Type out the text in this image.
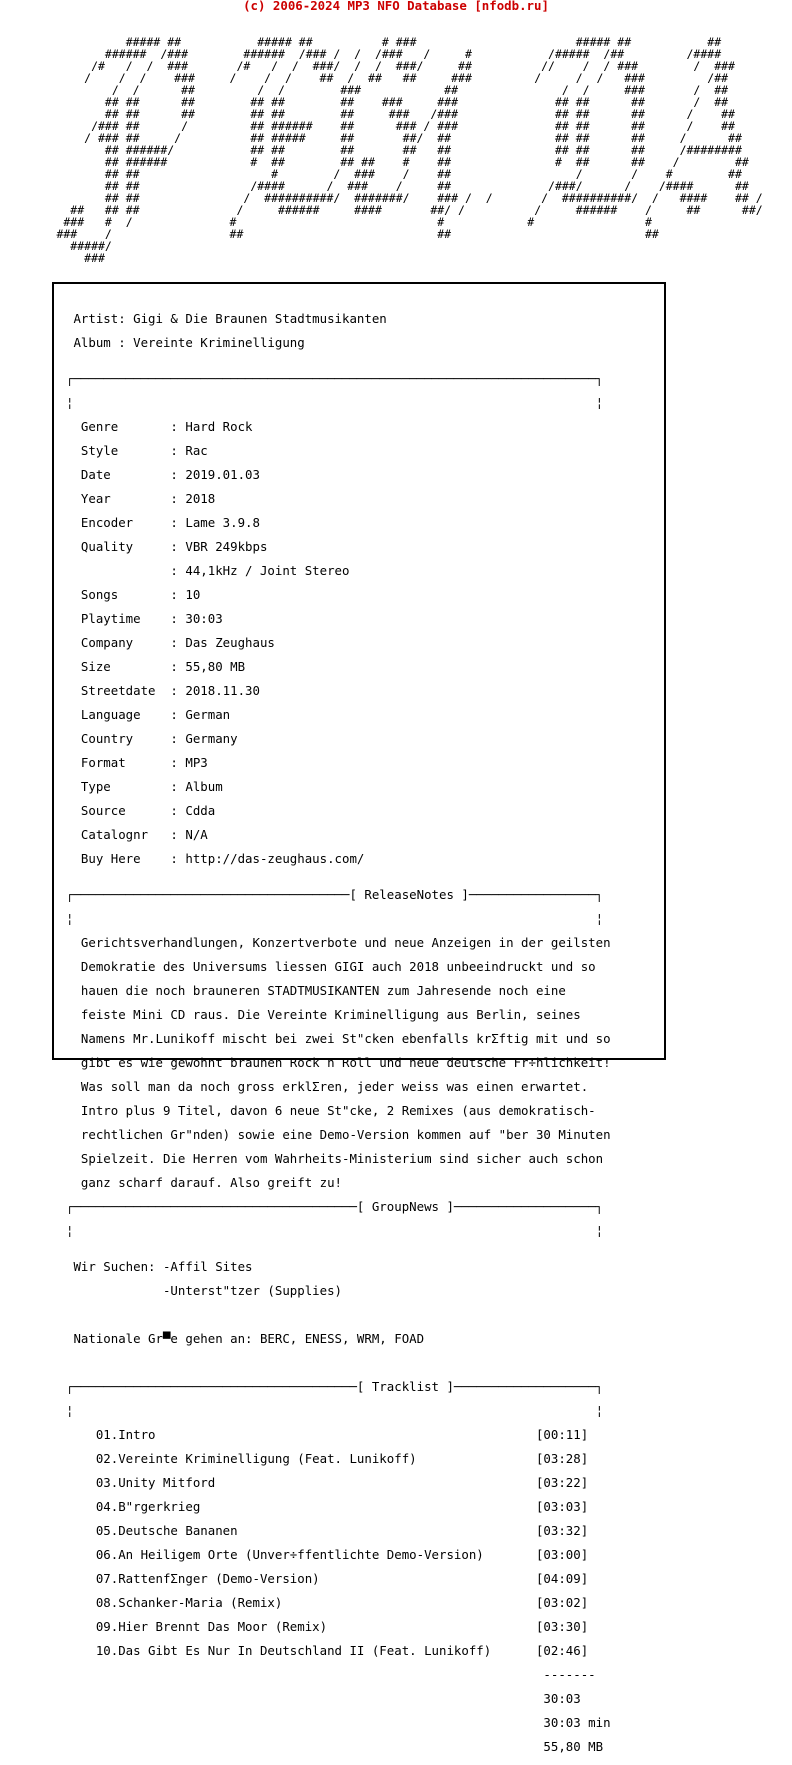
(c) 2006-2024 MP3 NFO Database [nfodb.ru]
##### ##           ##### ##          # ###                       ##### ##           ##
######  /###        ######  /### /  /  /###   /     #           /#####  /##         /####
/#   /  /  ###       /#   /  /  ###/  /  /  ###/     ##          //    /  / ###        /  ###
/    /  /    ###     /    /  /    ##  /  ##   ##     ###         /     /  /   ###         /##
/  /      ##         /  /        ###            ##               /  /     ###       /  ##
## ##      ##        ## ##        ##    ###     ###              ## ##      ##       /  ##
## ##      ##        ## ##        ##     ###   /###              ## ##      ##      /    ##
/### ##      /         ## ######    ##      ### / ###              ## ##      ##      /    ##
/ ### ##     /          ## #####     ##       ##/  ##               ## ##      ##     /      ##
## ######/           ## ##        ##       ##   ##               ## ##      ##     /########
## ######            #  ##        ## ##    #    ##               #  ##      ##    /        ##
## ##                   #        /  ###    /    ##                  /       /    #        ##
## ##                /####      /  ###    /     ##              /###/      /    /####      ##
## ##               /  ##########/  #######/    ### /  /       /  ##########/  /   ####    ## /
##   ## ##              /     ######     ####       ##/ /          /     ######    /     ##      ##/
###   #  /              #                             #            #                #
###    /                 ##                            ##                            ##
#####/
###

Artist: Gigi & Die Braunen Stadtmusikanten

Album : Vereinte Kriminelligung

┌──────────────────────────────────────────────────────────────────────┐

¦                                                                      ¦

Genre       : Hard Rock

Style       : Rac

Date        : 2019.01.03

Year        : 2018

Encoder     : Lame 3.9.8

Quality     : VBR 249kbps

: 44,1kHz / Joint Stereo

Songs       : 10

Playtime    : 30:03

Company     : Das Zeughaus

Size        : 55,80 MB

Streetdate  : 2018.11.30

Language    : German

Country     : Germany

Format      : MP3

Type        : Album

Source      : Cdda

Catalognr   : N/A

Buy Here    : http://das-zeughaus.com/

┌─────────────────────────────────────[ ReleaseNotes ]─────────────────┐

¦                                                                      ¦

Gerichtsverhandlungen, Konzertverbote und neue Anzeigen in der geilsten

Demokratie des Universums liessen GIGI auch 2018 unbeeindruckt und so

hauen die noch brauneren STADTMUSIKANTEN zum Jahresende noch eine

feiste Mini CD raus. Die Vereinte Kriminelligung aus Berlin, seines

Namens Mr.Lunikoff mischt bei zwei St"cken ebenfalls krΣftig mit und so

gibt es wie gewohnt braunen Rock n Roll und neue deutsche Fr÷hlichkeit!

Was soll man da noch gross erklΣren, jeder weiss was einen erwartet.

Intro plus 9 Titel, davon 6 neue St"cke, 2 Remixes (aus demokratisch-

rechtlichen Gr"nden) sowie eine Demo-Version kommen auf "ber 30 Minuten

Spielzeit. Die Herren vom Wahrheits-Ministerium sind sicher auch schon

ganz scharf darauf. Also greift zu!

┌──────────────────────────────────────[ GroupNews ]───────────────────┐

¦                                                                      ¦

Wir Suchen: -Affil Sites

-Unterst"tzer (Supplies)

Nationale Gr▀e gehen an: BERC, ENESS, WRM, FOAD

┌──────────────────────────────────────[ Tracklist ]───────────────────┐

¦                                                                      ¦

01.Intro                                                   [00:11]

02.Vereinte Kriminelligung (Feat. Lunikoff)                [03:28]

03.Unity Mitford                                           [03:22]

04.B"rgerkrieg                                             [03:03]

05.Deutsche Bananen                                        [03:32]

06.An Heiligem Orte (Unver÷ffentlichte Demo-Version)       [03:00]

07.RattenfΣnger (Demo-Version)                             [04:09]

08.Schanker-Maria (Remix)                                  [03:02]

09.Hier Brennt Das Moor (Remix)                            [03:30]

10.Das Gibt Es Nur In Deutschland II (Feat. Lunikoff)      [02:46]

-------

30:03

30:03 min

55,80 MB
